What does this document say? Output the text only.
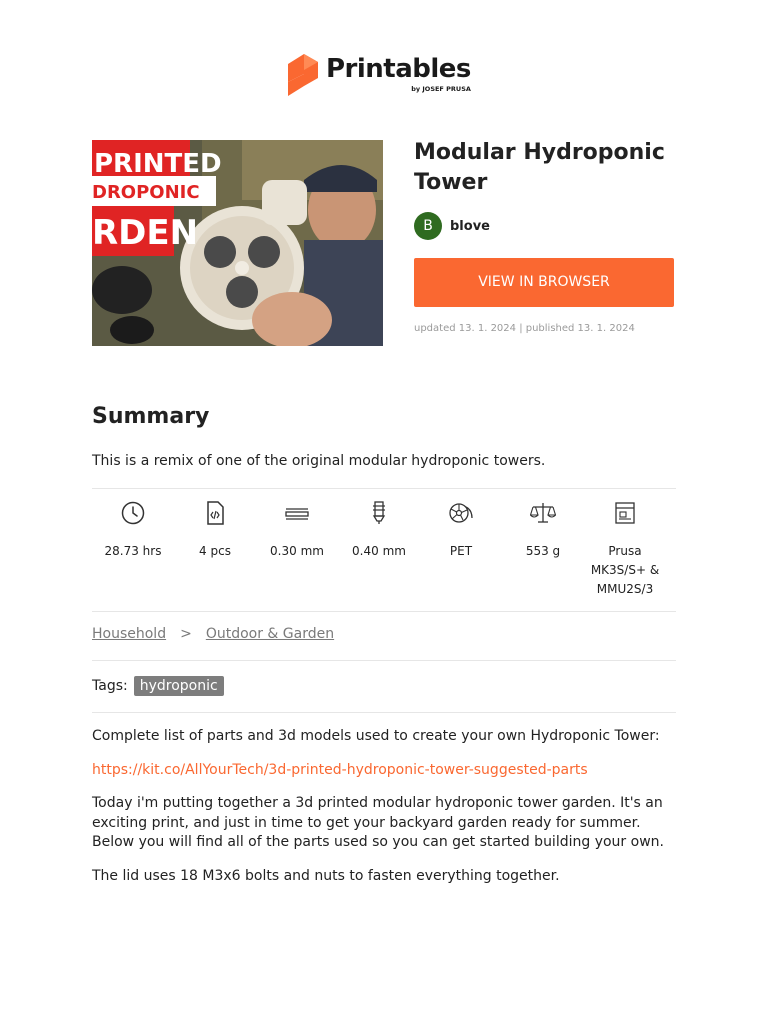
Printables
by JOSEF PRUSA
PRINTED
DROPONIC
RDEN
Modular Hydroponic Tower
B	blove
VIEW IN BROWSER
updated 13. 1. 2024 | published 13. 1. 2024
Summary
This is a remix of one of the original modular hydroponic towers.
28.73 hrs	4 pcs	0.30 mm 0.40 mm	PET	553 g	Prusa MK3S/S+ & MMU2S/3
Household > Outdoor & Garden
Tags: hydroponic

Complete list of parts and 3d models used to create your own Hydroponic Tower:

https://kit.co/AllYourTech/3d-printed-hydroponic-tower-suggested-parts

Today i'm putting together a 3d printed modular hydroponic tower garden. It's an exciting print, and just in time to get your backyard garden ready for summer. Below you will find all of the parts used so you can get started building your own.

The lid uses 18 M3x6 bolts and nuts to fasten everything together.
